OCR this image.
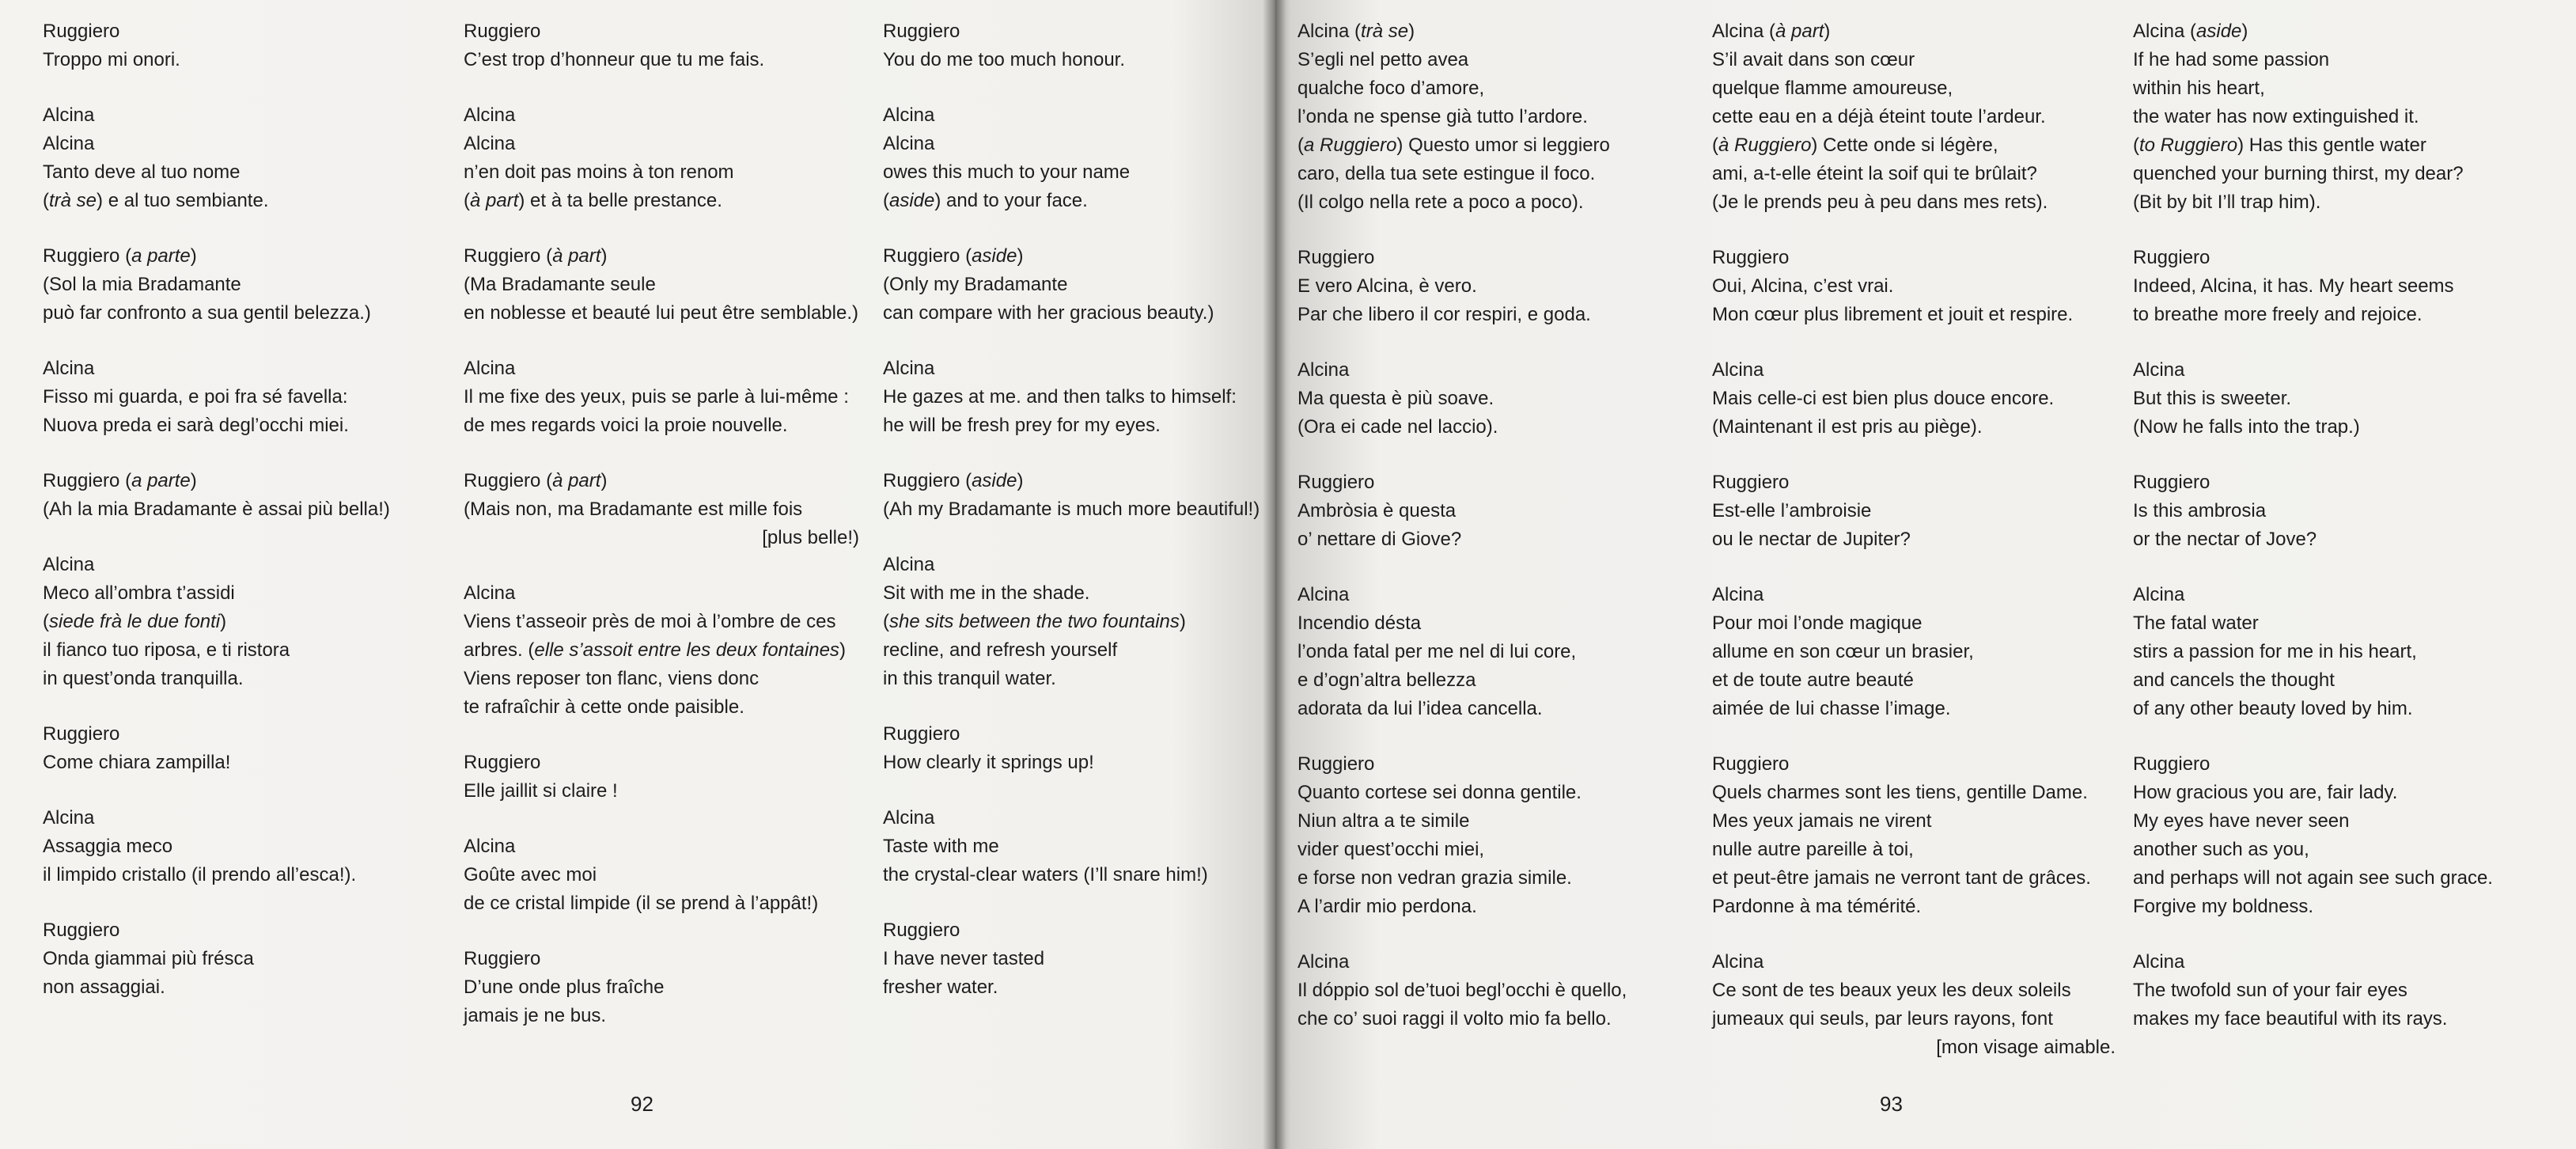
Ruggiero
Troppo mi onori.
Alcina
Alcina
Tanto deve al tuo nome
(trà se) e al tuo sembiante.
Ruggiero (a parte)
(Sol la mia Bradamante
può far confronto a sua gentil belezza.)
Alcina
Fisso mi guarda, e poi fra sé favella:
Nuova preda ei sarà degl’occhi miei.
Ruggiero (a parte)
(Ah la mia Bradamante è assai più bella!)
Alcina
Meco all’ombra t’assidi
(siede frà le due fonti)
il fianco tuo riposa, e ti ristora
in quest’onda tranquilla.
Ruggiero
Come chiara zampilla!
Alcina
Assaggia meco
il limpido cristallo (il prendo all’esca!).
Ruggiero
Onda giammai più fréscа
non assaggiai.
Ruggiero
C’est trop d’honneur que tu me fais.
Alcina
Alcina
n’en doit pas moins à ton renom
(à part) et à ta belle prestance.
Ruggiero (à part)
(Ma Bradamante seule
en noblesse et beauté lui peut être semblable.)
Alcina
Il me fixe des yeux, puis se parle à lui-même :
de mes regards voici la proie nouvelle.
Ruggiero (à part)
(Mais non, ma Bradamante est mille fois
[plus belle!)
Alcina
Viens t’asseoir près de moi à l’ombre de ces
arbres. (elle s’assoit entre les deux fontaines)
Viens reposer ton flanc, viens donc
te rafraîchir à cette onde paisible.
Ruggiero
Elle jaillit si claire !
Alcina
Goûte avec moi
de ce cristal limpide (il se prend à l’appât!)
Ruggiero
D’une onde plus fraîche
jamais je ne bus.
Ruggiero
You do me too much honour.
Alcina
Alcina
owes this much to your name
(aside) and to your face.
Ruggiero (aside)
(Only my Bradamante
can compare with her gracious beauty.)
Alcina
He gazes at me. and then talks to himself:
he will be fresh prey for my eyes.
Ruggiero (aside)
(Ah my Bradamante is much more beautiful!)
Alcina
Sit with me in the shade.
(she sits between the two fountains)
recline, and refresh yourself
in this tranquil water.
Ruggiero
How clearly it springs up!
Alcina
Taste with me
the crystal-clear waters (I’ll snare him!)
Ruggiero
I have never tasted
fresher water.
Alcina (trà se)
S’egli nel petto avea
qualche foco d’amore,
l’onda ne spense già tutto l’ardore.
(a Ruggiero) Questo umor si leggiero
caro, della tua sete estingue il foco.
(Il colgo nella rete a poco a poco).
Ruggiero
E vero Alcina, è vero.
Par che libero il cor respiri, e goda.
Alcina
Ma questa è più soave.
(Ora ei cade nel laccio).
Ruggiero
Ambròsia è questa
o’ nettare di Giove?
Alcina
Incendio désta
l’onda fatal per me nel di lui core,
e d’ogn’altra bellezza
adorata da lui l’idea cancella.
Ruggiero
Quanto cortese sei donna gentile.
Niun altra a te simile
vider quest’occhi miei,
e forse non vedran grazia simile.
A l’ardir mio perdona.
Alcina
Il dóppio sol de’tuoi begl’occhi è quello,
che co’ suoi raggi il volto mio fa bello.
Alcina (à part)
S’il avait dans son cœur
quelque flamme amoureuse,
cette eau en a déjà éteint toute l’ardeur.
(à Ruggiero) Cette onde si légère,
ami, a-t-elle éteint la soif qui te brûlait?
(Je le prends peu à peu dans mes rets).
Ruggiero
Oui, Alcina, c’est vrai.
Mon cœur plus librement et jouit et respire.
Alcina
Mais celle-ci est bien plus douce encore.
(Maintenant il est pris au piège).
Ruggiero
Est-elle l’ambroisie
ou le nectar de Jupiter?
Alcina
Pour moi l’onde magique
allume en son cœur un brasier,
et de toute autre beauté
aimée de lui chasse l’image.
Ruggiero
Quels charmes sont les tiens, gentille Dame.
Mes yeux jamais ne virent
nulle autre pareille à toi,
et peut-être jamais ne verront tant de grâces.
Pardonne à ma témérité.
Alcina
Ce sont de tes beaux yeux les deux soleils
jumeaux qui seuls, par leurs rayons, font
[mon visage aimable.
Alcina (aside)
If he had some passion
within his heart,
the water has now extinguished it.
(to Ruggiero) Has this gentle water
quenched your burning thirst, my dear?
(Bit by bit I’ll trap him).
Ruggiero
Indeed, Alcina, it has. My heart seems
to breathe more freely and rejoice.
Alcina
But this is sweeter.
(Now he falls into the trap.)
Ruggiero
Is this ambrosia
or the nectar of Jove?
Alcina
The fatal water
stirs a passion for me in his heart,
and cancels the thought
of any other beauty loved by him.
Ruggiero
How gracious you are, fair lady.
My eyes have never seen
another such as you,
and perhaps will not again see such grace.
Forgive my boldness.
Alcina
The twofold sun of your fair eyes
makes my face beautiful with its rays.
92	93
